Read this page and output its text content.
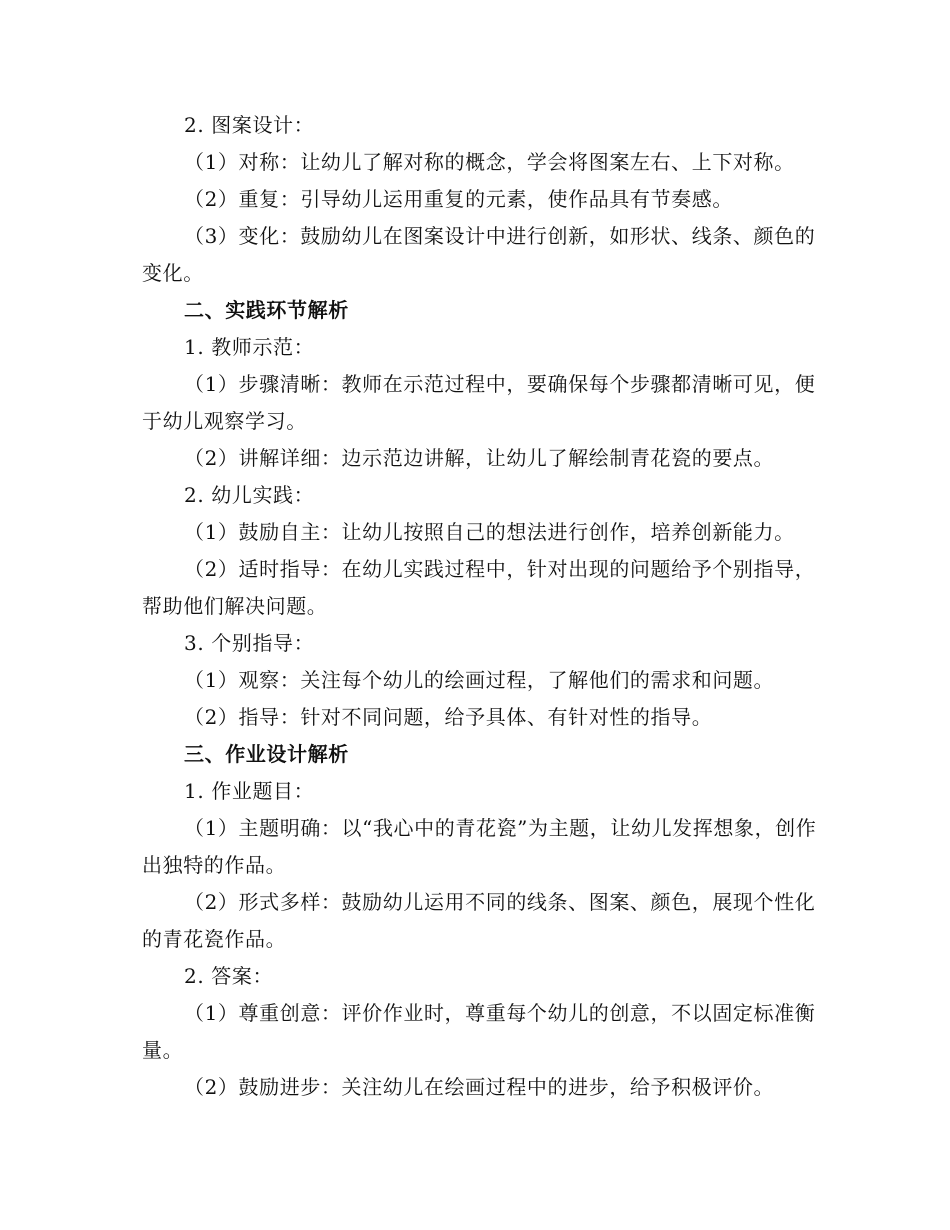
2. 图案设计：

（1）对称：让幼儿了解对称的概念，学会将图案左右、上下对称。

（2）重复：引导幼儿运用重复的元素，使作品具有节奏感。

（3）变化：鼓励幼儿在图案设计中进行创新，如形状、线条、颜色的变化。

二、实践环节解析

1. 教师示范：

（1）步骤清晰：教师在示范过程中，要确保每个步骤都清晰可见，便于幼儿观察学习。

（2）讲解详细：边示范边讲解，让幼儿了解绘制青花瓷的要点。

2. 幼儿实践：

（1）鼓励自主：让幼儿按照自己的想法进行创作，培养创新能力。

（2）适时指导：在幼儿实践过程中，针对出现的问题给予个别指导，帮助他们解决问题。

3. 个别指导：

（1）观察：关注每个幼儿的绘画过程，了解他们的需求和问题。

（2）指导：针对不同问题，给予具体、有针对性的指导。

三、作业设计解析

1. 作业题目：

（1）主题明确：以“我心中的青花瓷”为主题，让幼儿发挥想象，创作出独特的作品。

（2）形式多样：鼓励幼儿运用不同的线条、图案、颜色，展现个性化的青花瓷作品。

2. 答案：

（1）尊重创意：评价作业时，尊重每个幼儿的创意，不以固定标准衡量。

（2）鼓励进步：关注幼儿在绘画过程中的进步，给予积极评价。
